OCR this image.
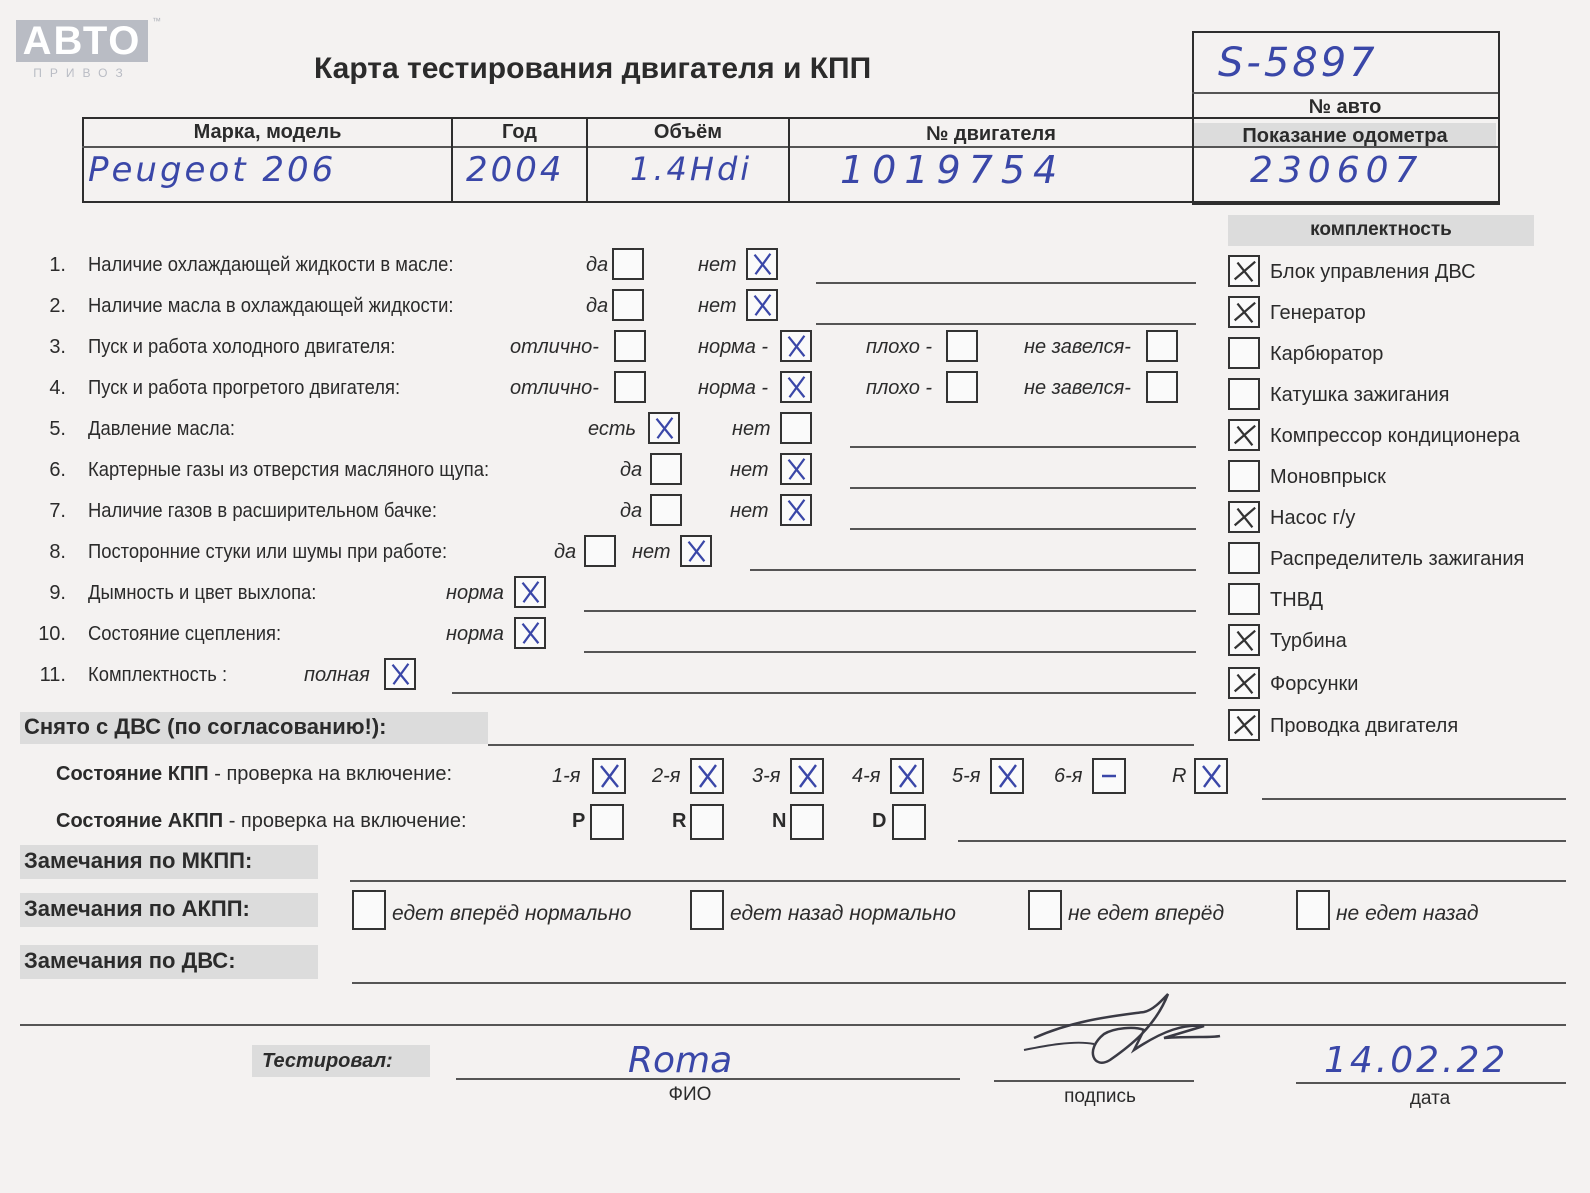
АВТО	™
ПРИВОЗ	Карта тестирования двигателя и КПП	S-5897
№ авто
Марка, модель	Год	Объём	№ двигателя	Показание одометра
Peugeot 206	2004 1.4Hdi 1019754	230607
комплектность
1. Наличие охлаждающей жидкости в масле:	да	нет
2. Наличие масла в охлаждающей жидкости:	да	нет
3. Пуск и работа холодного двигателя:	отлично-	норма -	плохо -	не завелся-
4. Пуск и работа прогретого двигателя:	отлично-	норма -	плохо -	не завелся-
5. Давление масла:	есть	нет
6. Картерные газы из отверстия масляного щупа:	да	нет
7. Наличие газов в расширительном бачке:	да	нет
8. Посторонние стуки или шумы при работе:	да	нет
9. Дымность и цвет выхлопа:	норма
10. Состояние сцепления:	норма
11. Комплектность :	полная
Блок управления ДВС
Генератор
Карбюратор
Катушка зажигания
Компрессор кондиционера
Моновпрыск
Насос г/у
Распределитель зажигания
ТНВД
Турбина
Форсунки
Проводка двигателя
Снято с ДВС (по согласованию!):
Состояние КПП - проверка на включение:	1-я	2-я	3-я	4-я	5-я	6-я	R
Состояние АКПП - проверка на включение:	P	R	N	D
Замечания по МКПП:
Замечания по АКПП:	едет вперёд нормально	едет назад нормально	не едет вперёд	не едет назад
Замечания по ДВС:
Тестировал:	Roma
ФИО	подпись
14.02.22
дата
